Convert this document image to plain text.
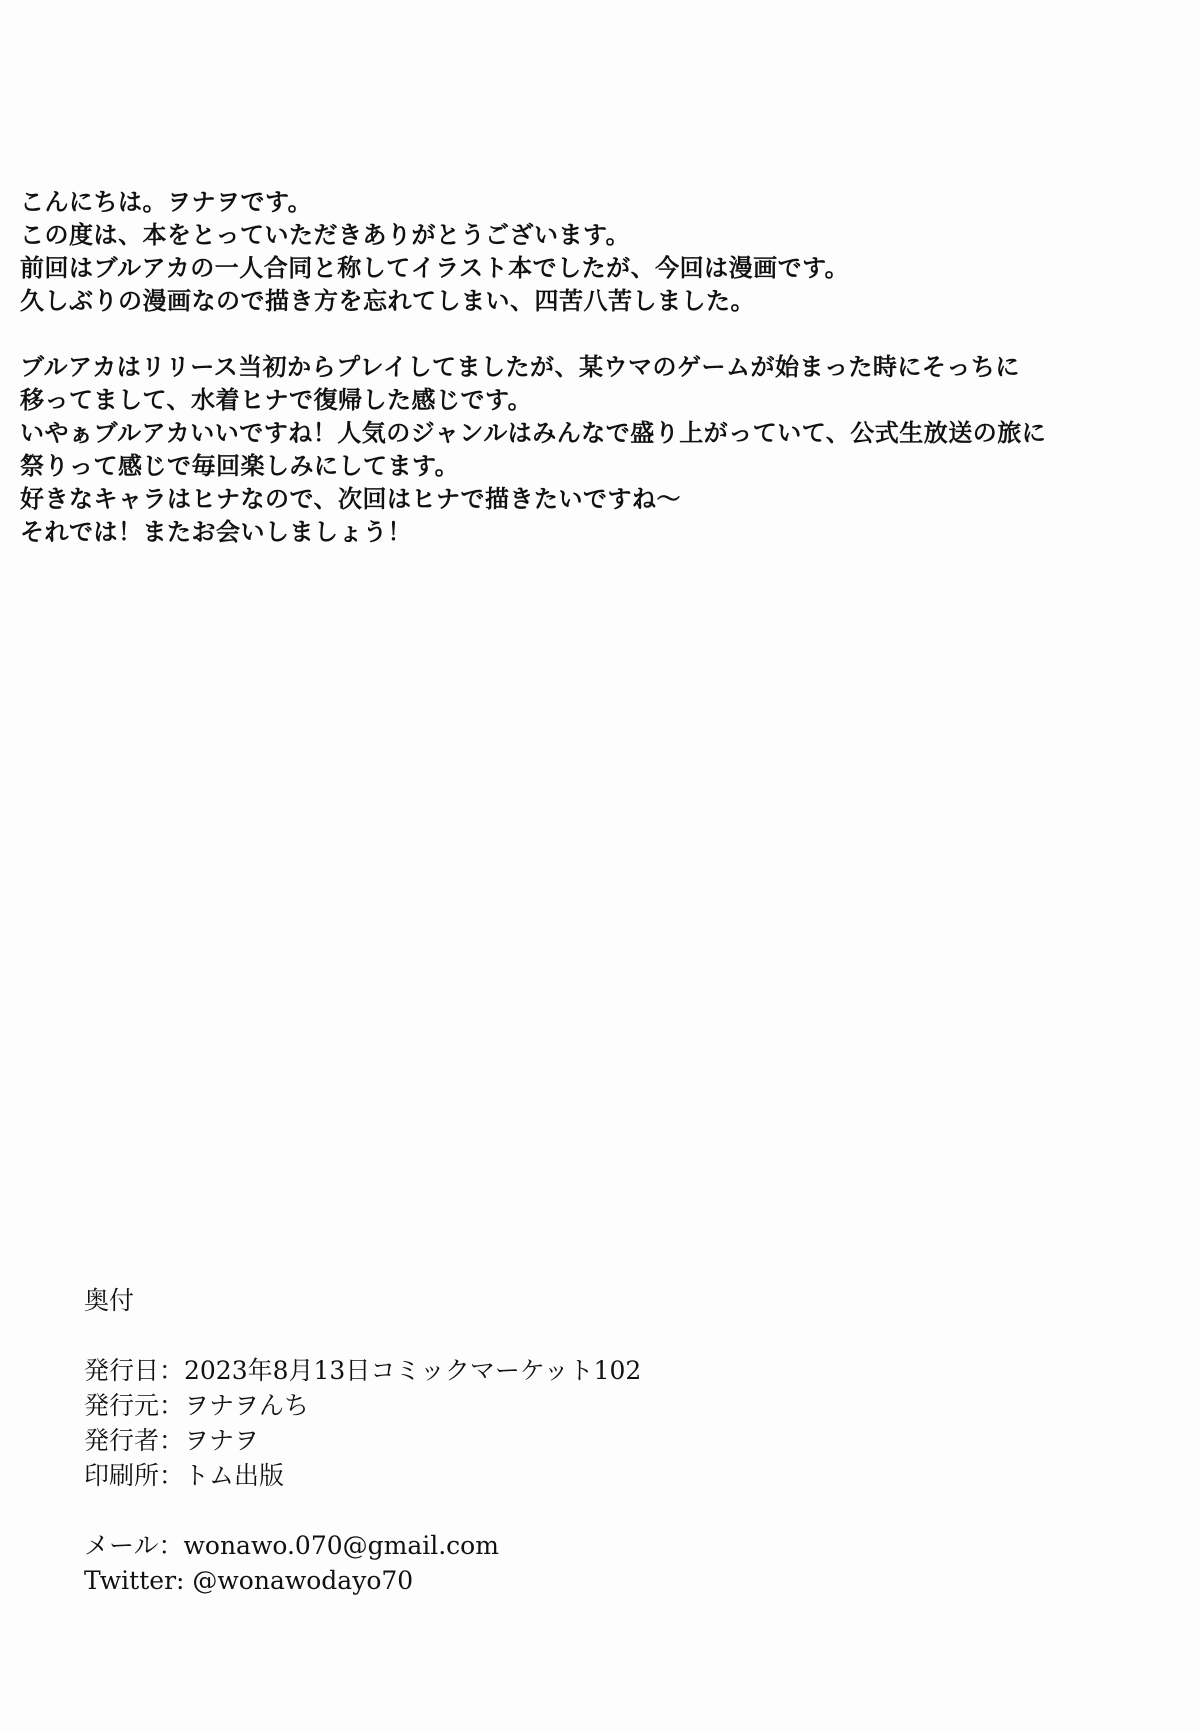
こんにちは。ヲナヲです。
この度は、本をとっていただきありがとうございます。
前回はブルアカの一人合同と称してイラスト本でしたが、今回は漫画です。
久しぶりの漫画なので描き方を忘れてしまい、四苦八苦しました。

ブルアカはリリース当初からプレイしてましたが、某ウマのゲームが始まった時にそっちに
移ってまして、水着ヒナで復帰した感じです。
いやぁブルアカいいですね！人気のジャンルはみんなで盛り上がっていて、公式生放送の旅に
祭りって感じで毎回楽しみにしてます。
好きなキャラはヒナなので、次回はヒナで描きたいですね～
それでは！またお会いしましょう！

奥付
発行日：2023年8月13日コミックマーケット102
発行元：ヲナヲんち
発行者：ヲナヲ
印刷所：トム出版
メール：wonawo.070@gmail.com
Twitter: @wonawodayo70
